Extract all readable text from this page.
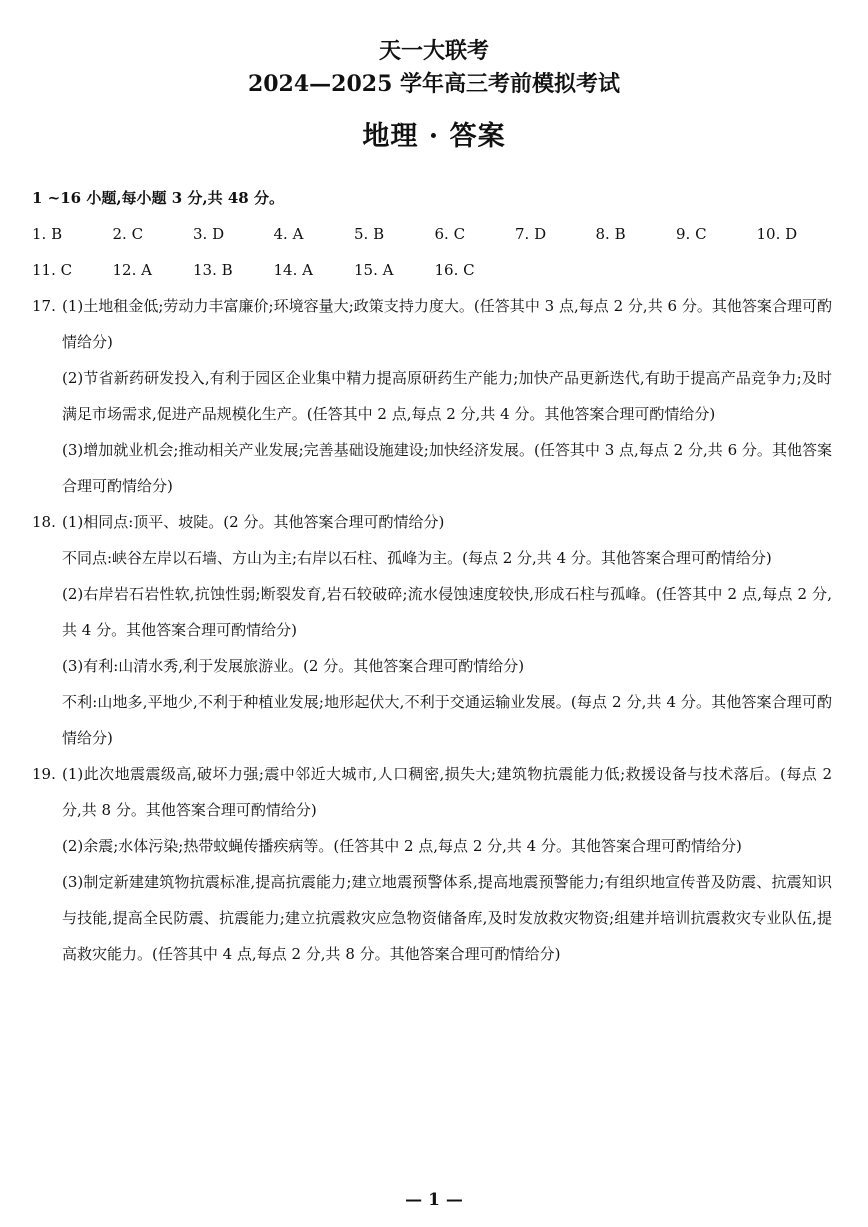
天一大联考
2024—2025 学年高三考前模拟考试
地理 · 答案
1 ~16 小题,每小题 3 分,共 48 分。
1. B	2. C	3. D	4. A	5. B	6. C	7. D	8. B	9. C	10. D
11. C	12. A	13. B	14. A	15. A	16. C
17. (1)土地租金低;劳动力丰富廉价;环境容量大;政策支持力度大。(任答其中 3 点,每点 2 分,共 6 分。其他答案合理可酌情给分)
(2)节省新药研发投入,有利于园区企业集中精力提高原研药生产能力;加快产品更新迭代,有助于提高产品竞争力;及时满足市场需求,促进产品规模化生产。(任答其中 2 点,每点 2 分,共 4 分。其他答案合理可酌情给分)
(3)增加就业机会;推动相关产业发展;完善基础设施建设;加快经济发展。(任答其中 3 点,每点 2 分,共 6 分。其他答案合理可酌情给分)
18. (1)相同点:顶平、坡陡。(2 分。其他答案合理可酌情给分)
不同点:峡谷左岸以石墙、方山为主;右岸以石柱、孤峰为主。(每点 2 分,共 4 分。其他答案合理可酌情给分)
(2)右岸岩石岩性软,抗蚀性弱;断裂发育,岩石较破碎;流水侵蚀速度较快,形成石柱与孤峰。(任答其中 2 点,每点 2 分,共 4 分。其他答案合理可酌情给分)
(3)有利:山清水秀,利于发展旅游业。(2 分。其他答案合理可酌情给分)
不利:山地多,平地少,不利于种植业发展;地形起伏大,不利于交通运输业发展。(每点 2 分,共 4 分。其他答案合理可酌情给分)
19. (1)此次地震震级高,破坏力强;震中邻近大城市,人口稠密,损失大;建筑物抗震能力低;救援设备与技术落后。(每点 2 分,共 8 分。其他答案合理可酌情给分)
(2)余震;水体污染;热带蚊蝇传播疾病等。(任答其中 2 点,每点 2 分,共 4 分。其他答案合理可酌情给分)
(3)制定新建建筑物抗震标准,提高抗震能力;建立地震预警体系,提高地震预警能力;有组织地宣传普及防震、抗震知识与技能,提高全民防震、抗震能力;建立抗震救灾应急物资储备库,及时发放救灾物资;组建并培训抗震救灾专业队伍,提高救灾能力。(任答其中 4 点,每点 2 分,共 8 分。其他答案合理可酌情给分)
— 1 —
